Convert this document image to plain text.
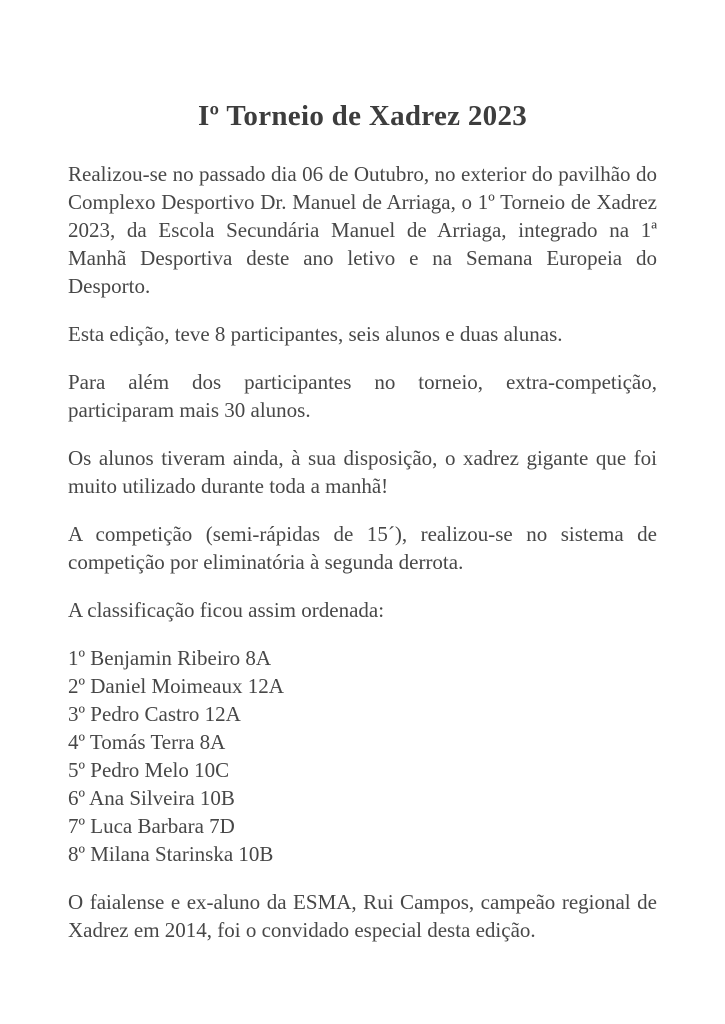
Iº Torneio de Xadrez 2023

Realizou-se no passado dia 06 de Outubro, no exterior do pavilhão do Complexo Desportivo Dr. Manuel de Arriaga, o 1º Torneio de Xadrez 2023, da Escola Secundária Manuel de Arriaga, integrado na 1ª Manhã Desportiva deste ano letivo e na Semana Europeia do Desporto.

Esta edição, teve 8 participantes, seis alunos e duas alunas.

Para além dos participantes no torneio, extra-competição, participaram mais 30 alunos.

Os alunos tiveram ainda, à sua disposição, o xadrez gigante que foi muito utilizado durante toda a manhã!

A competição (semi-rápidas de 15´), realizou-se no sistema de competição por eliminatória à segunda derrota.

A classificação ficou assim ordenada:

1º Benjamin Ribeiro 8A
2º Daniel Moimeaux 12A
3º Pedro Castro 12A
4º Tomás Terra 8A
5º Pedro Melo 10C
6º Ana Silveira 10B
7º Luca Barbara 7D
8º Milana Starinska 10B

O faialense e ex-aluno da ESMA, Rui Campos, campeão regional de Xadrez em 2014, foi o convidado especial desta edição.
